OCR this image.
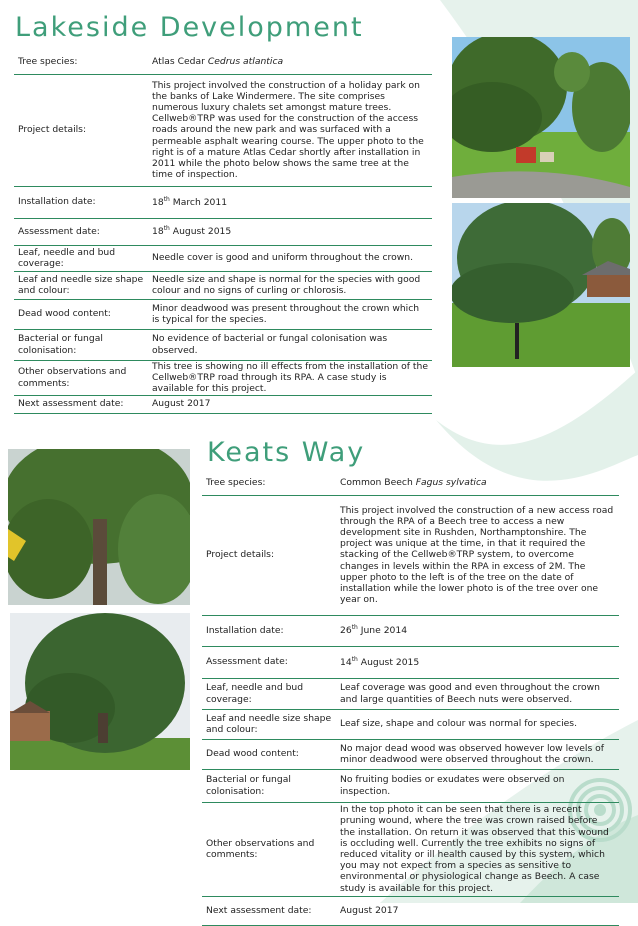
Lakeside Development
Tree species:	Atlas Cedar Cedrus atlantica
Project details:	This project involved the construction of a holiday park on the banks of Lake Windermere. The site comprises numerous luxury chalets set amongst mature trees. Cellweb®TRP was used for the construction of the access roads around the new park and was surfaced with a permeable asphalt wearing course. The upper photo to the right is of a mature Atlas Cedar shortly after installation in 2011 while the photo below shows the same tree at the time of inspection.
Installation date:	18th March 2011
Assessment date:	18th August 2015
Leaf, needle and bud coverage:	Needle cover is good and uniform throughout the crown.
Leaf and needle size shape and colour:	Needle size and shape is normal for the species with good colour and no signs of curling or chlorosis.
Dead wood content:	Minor deadwood was present throughout the crown which is typical for the species.
Bacterial or fungal colonisation:	No evidence of bacterial or fungal colonisation was observed.
Other observations and comments:	This tree is showing no ill effects from the installation of the Cellweb®TRP road through its RPA. A case study is available for this project.
Next assessment date:	August 2017
Keats Way
Tree species:	Common Beech Fagus sylvatica
Project details:	This project involved the construction of a new access road through the RPA of a Beech tree to access a new development site in Rushden, Northamptonshire. The project was unique at the time, in that it required the stacking of the Cellweb®TRP system, to overcome changes in levels within the RPA in excess of 2M. The upper photo to the left is of the tree on the date of installation while the lower photo is of the tree over one year on.
Installation date:	26th June 2014
Assessment date:	14th August 2015
Leaf, needle and bud coverage:	Leaf coverage was good and even throughout the crown and large quantities of Beech nuts were observed.
Leaf and needle size shape and colour:	Leaf size, shape and colour was normal for species.
Dead wood content:	No major dead wood was observed however low levels of minor deadwood were observed throughout the crown.
Bacterial or fungal colonisation:	No fruiting bodies or exudates were observed on inspection.
Other observations and comments:	In the top photo it can be seen that there is a recent pruning wound, where the tree was crown raised before the installation. On return it was observed that this wound is occluding well. Currently the tree exhibits no signs of reduced vitality or ill health caused by this system, which you may not expect from a species as sensitive to environmental or physiological change as Beech. A case study is available for this project.
Next assessment date:	August 2017
